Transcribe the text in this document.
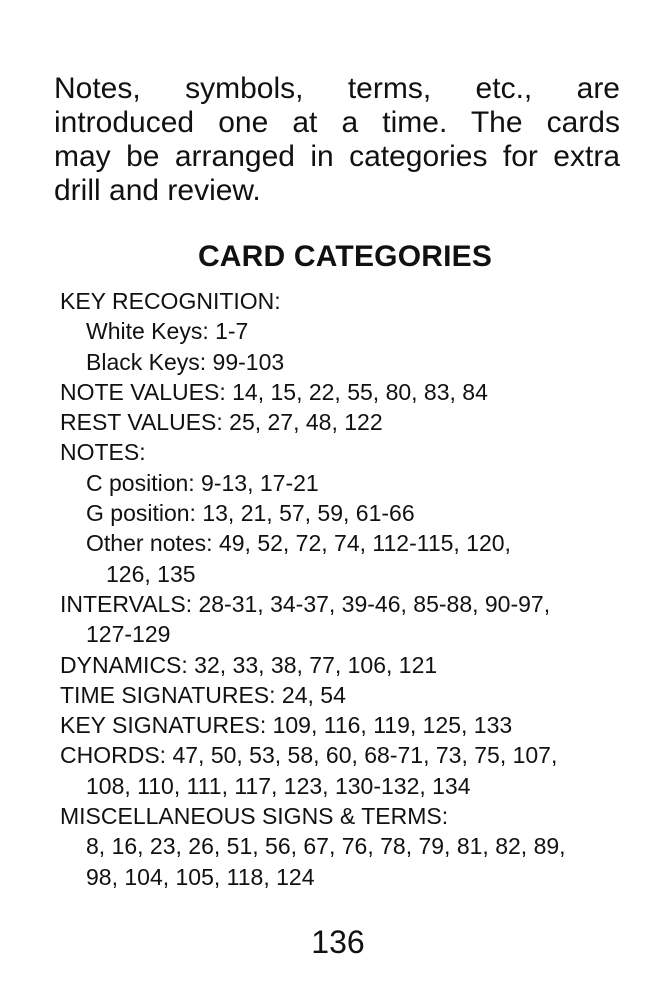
Notes, symbols, terms, etc., are
introduced one at a time. The cards
may be arranged in categories for extra
drill and review.
CARD CATEGORIES
KEY RECOGNITION:
White Keys: 1-7
Black Keys: 99-103
NOTE VALUES: 14, 15, 22, 55, 80, 83, 84
REST VALUES: 25, 27, 48, 122
NOTES:
C position: 9-13, 17-21
G position: 13, 21, 57, 59, 61-66
Other notes: 49, 52, 72, 74, 112-115, 120,
126, 135
INTERVALS: 28-31, 34-37, 39-46, 85-88, 90-97,
127-129
DYNAMICS: 32, 33, 38, 77, 106, 121
TIME SIGNATURES: 24, 54
KEY SIGNATURES: 109, 116, 119, 125, 133
CHORDS: 47, 50, 53, 58, 60, 68-71, 73, 75, 107,
108, 110, 111, 117, 123, 130-132, 134
MISCELLANEOUS SIGNS & TERMS:
8, 16, 23, 26, 51, 56, 67, 76, 78, 79, 81, 82, 89,
98, 104, 105, 118, 124
136
